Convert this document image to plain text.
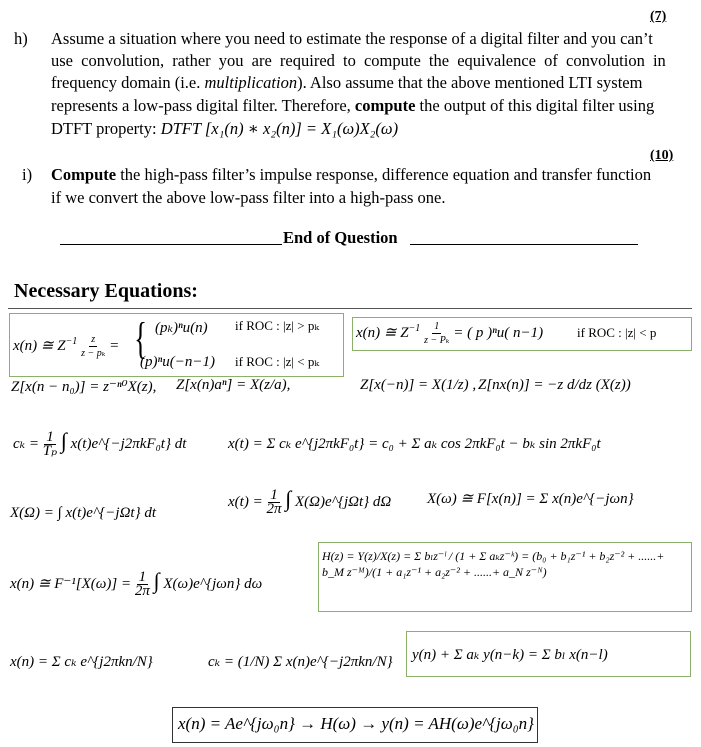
(7)
h) Assume a situation where you need to estimate the response of a digital filter and you can’t
use convolution, rather you are required to compute the equivalence of convolution in
frequency domain (i.e. multiplication). Also assume that the above mentioned LTI system
represents a low-pass digital filter. Therefore, compute the output of this digital filter using
DTFT property: DTFT [x₁(n) ∗ x₂(n)] = X₁(ω)X₂(ω)
(10)
i) Compute the high-pass filter’s impulse response, difference equation and transfer function
if we convert the above low-pass filter into a high-pass one.
End of Question
Necessary Equations:
x(n) ≅ $Z^{-1} \frac{z}{\text{z − pₖ}}$ = { (pₖ)ⁿu(n) if ROC : |z| > pₖ
(p)ⁿu(−n−1) if ROC : |z| < pₖ
x(n) ≅ $Z^{-1} \frac{1}{\text{z − Pₖ}}$ = ( p )ⁿu( n−1)	if ROC : |z| < p
Z[x(n − n₀)] = z⁻ⁿ⁰X(z), Z[x(n)aⁿ] = X(z/a),	Z[x(−n)] = X(1/z) , Z[nx(n)] = −z d/dz (X(z))
$c_k = \frac{1}{\text{Tₚ}}$ ∫ x(t)e^{−j2πkF₀t} dt	x(t) = Σ cₖ e^{j2πkF₀t} = c₀ + Σ aₖ cos 2πkF₀t − bₖ sin 2πkF₀t
X(Ω) = ∫ x(t)e^{−jΩt} dt
$x(t) = \frac{1}{2\pi}$ ∫ X(Ω)e^{jΩt} dΩ X(ω) ≅ F[x(n)] = Σ x(n)e^{−jωn}
x(n) ≅ $F^{-1}[X(\omega)] = \frac{1}{2\pi}$ ∫ X(ω)e^{jωn} dω
H(z) = Y(z)/X(z) = Σ bₗz⁻ˡ / (1 + Σ aₖz⁻ᵏ) = (b₀ + b₁z⁻¹ + b₂z⁻² + ......+ b_M z⁻ᴹ)/(1 + a₁z⁻¹ + a₂z⁻² + ......+ a_N z⁻ᴺ)
x(n) = Σ cₖ e^{j2πkn/N}	cₖ = (1/N) Σ x(n)e^{−j2πkn/N} y(n) + Σ aₖ y(n−k) = Σ bₗ x(n−l)
x(n) = Ae^{jω₀n} → H(ω) → y(n) = AH(ω)e^{jω₀n}
